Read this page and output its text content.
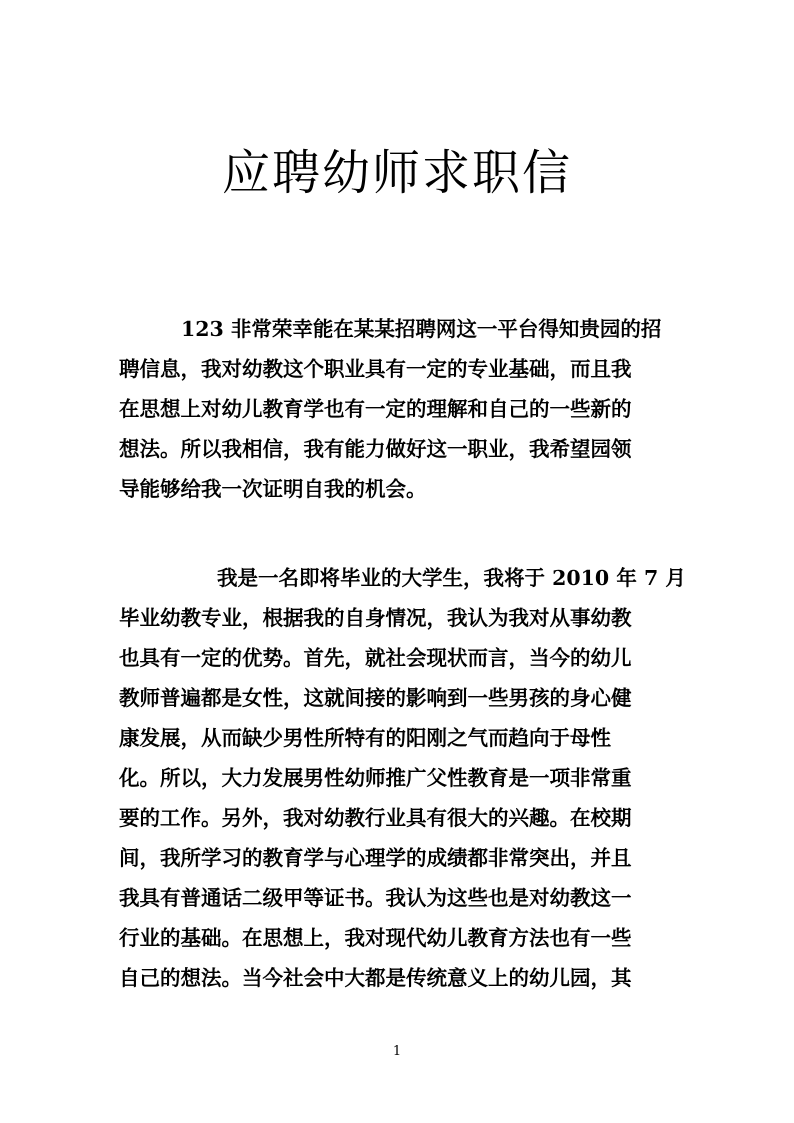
应聘幼师求职信
123 非常荣幸能在某某招聘网这一平台得知贵园的招
聘信息，我对幼教这个职业具有一定的专业基础，而且我
在思想上对幼儿教育学也有一定的理解和自己的一些新的
想法。所以我相信，我有能力做好这一职业，我希望园领
导能够给我一次证明自我的机会。
我是一名即将毕业的大学生，我将于 2010 年 7 月
毕业幼教专业，根据我的自身情况，我认为我对从事幼教
也具有一定的优势。首先，就社会现状而言，当今的幼儿
教师普遍都是女性，这就间接的影响到一些男孩的身心健
康发展，从而缺少男性所特有的阳刚之气而趋向于母性
化。所以，大力发展男性幼师推广父性教育是一项非常重
要的工作。另外，我对幼教行业具有很大的兴趣。在校期
间，我所学习的教育学与心理学的成绩都非常突出，并且
我具有普通话二级甲等证书。我认为这些也是对幼教这一
行业的基础。在思想上，我对现代幼儿教育方法也有一些
自己的想法。当今社会中大都是传统意义上的幼儿园，其
1
